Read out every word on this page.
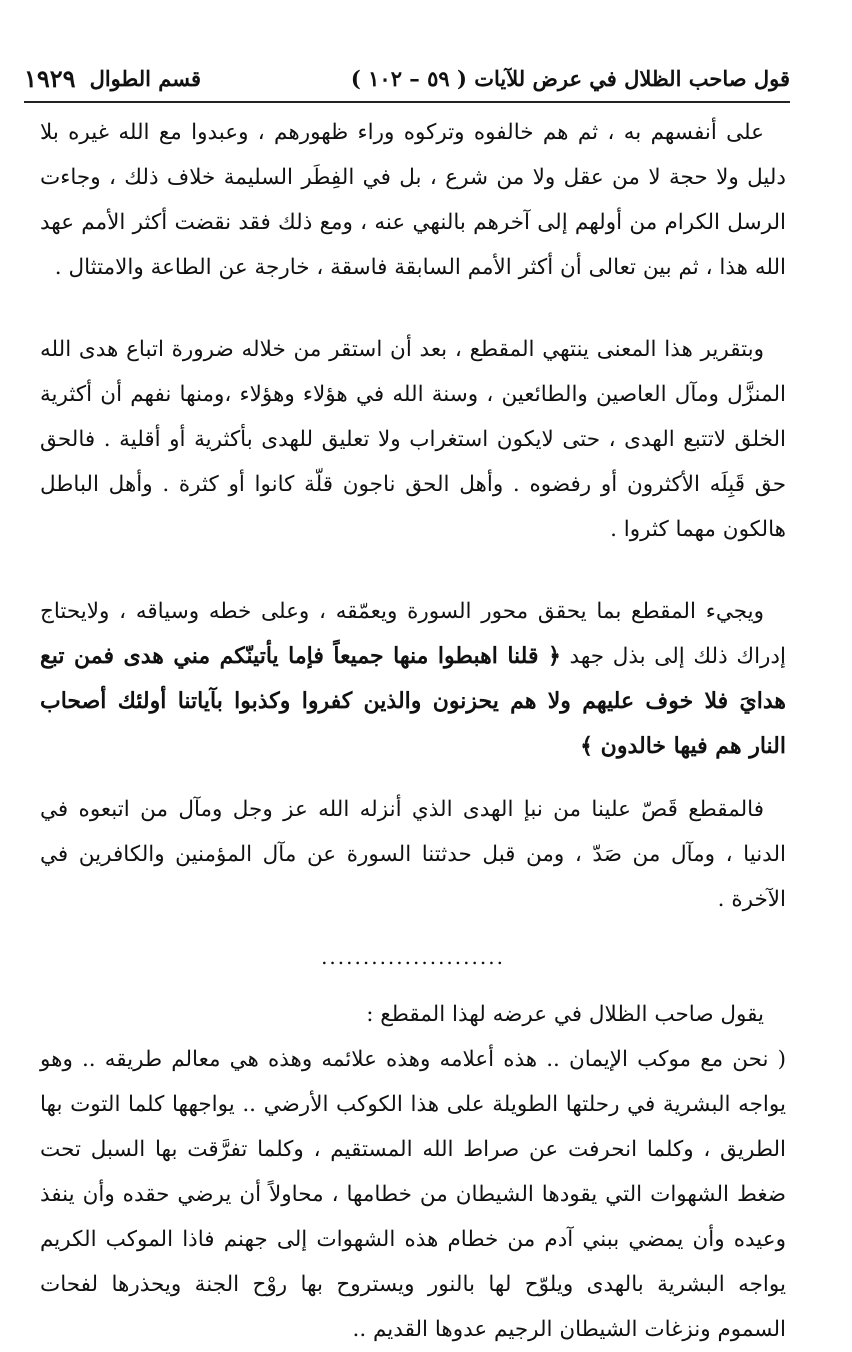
قول صاحب الظلال في عرض للآيات ( ٥٩ – ١٠٢ )
قسم الطوال
١٩٢٩

على أنفسهم به ، ثم هم خالفوه وتركوه وراء ظهورهم ، وعبدوا مع الله غيره بلا دليل ولا حجة لا من عقل ولا من شرع ، بل في الفِطَر السليمة خلاف ذلك ، وجاءت الرسل الكرام من أولهم إلى آخرهم بالنهي عنه ، ومع ذلك فقد نقضت أكثر الأمم عهد الله هذا ، ثم بين تعالى أن أكثر الأمم السابقة فاسقة ، خارجة عن الطاعة والامتثال .

وبتقرير هذا المعنى ينتهي المقطع ، بعد أن استقر من خلاله ضرورة اتباع هدى الله المنزَّل ومآل العاصين والطائعين ، وسنة الله في هؤلاء وهؤلاء ،ومنها نفهم أن أكثرية الخلق لاتتبع الهدى ، حتى لايكون استغراب ولا تعليق للهدى بأكثرية أو أقلية . فالحق حق قَبِلَه الأكثرون أو رفضوه . وأهل الحق ناجون قلّة كانوا أو كثرة . وأهل الباطل هالكون مهما كثروا .

ويجيء المقطع بما يحقق محور السورة ويعمّقه ، وعلى خطه وسياقه ، ولايحتاج إدراك ذلك إلى بذل جهد ﴿ قلنا اهبطوا منها جميعاً فإما يأتينّكم مني هدى فمن تبع هدايَ فلا خوف عليهم ولا هم يحزنون والذين كفروا وكذبوا بآياتنا أولئك أصحاب النار هم فيها خالدون ﴾

فالمقطع قَصّ علينا من نبإ الهدى الذي أنزله الله عز وجل ومآل من اتبعوه في الدنيا ، ومآل من صَدّ ، ومن قبل حدثتنا السورة عن مآل المؤمنين والكافرين في الآخرة .

......................

يقول صاحب الظلال في عرضه لهذا المقطع :

( نحن مع موكب الإيمان .. هذه أعلامه وهذه علائمه وهذه هي معالم طريقه .. وهو يواجه البشرية في رحلتها الطويلة على هذا الكوكب الأرضي .. يواجهها كلما التوت بها الطريق ، وكلما انحرفت عن صراط الله المستقيم ، وكلما تفرَّقت بها السبل تحت ضغط الشهوات التي يقودها الشيطان من خطامها ، محاولاً أن يرضي حقده وأن ينفذ وعيده وأن يمضي ببني آدم من خطام هذه الشهوات إلى جهنم فاذا الموكب الكريم يواجه البشرية بالهدى ويلوّح لها بالنور ويستروح بها روْح الجنة ويحذرها لفحات السموم ونزغات الشيطان الرجيم عدوها القديم ..
